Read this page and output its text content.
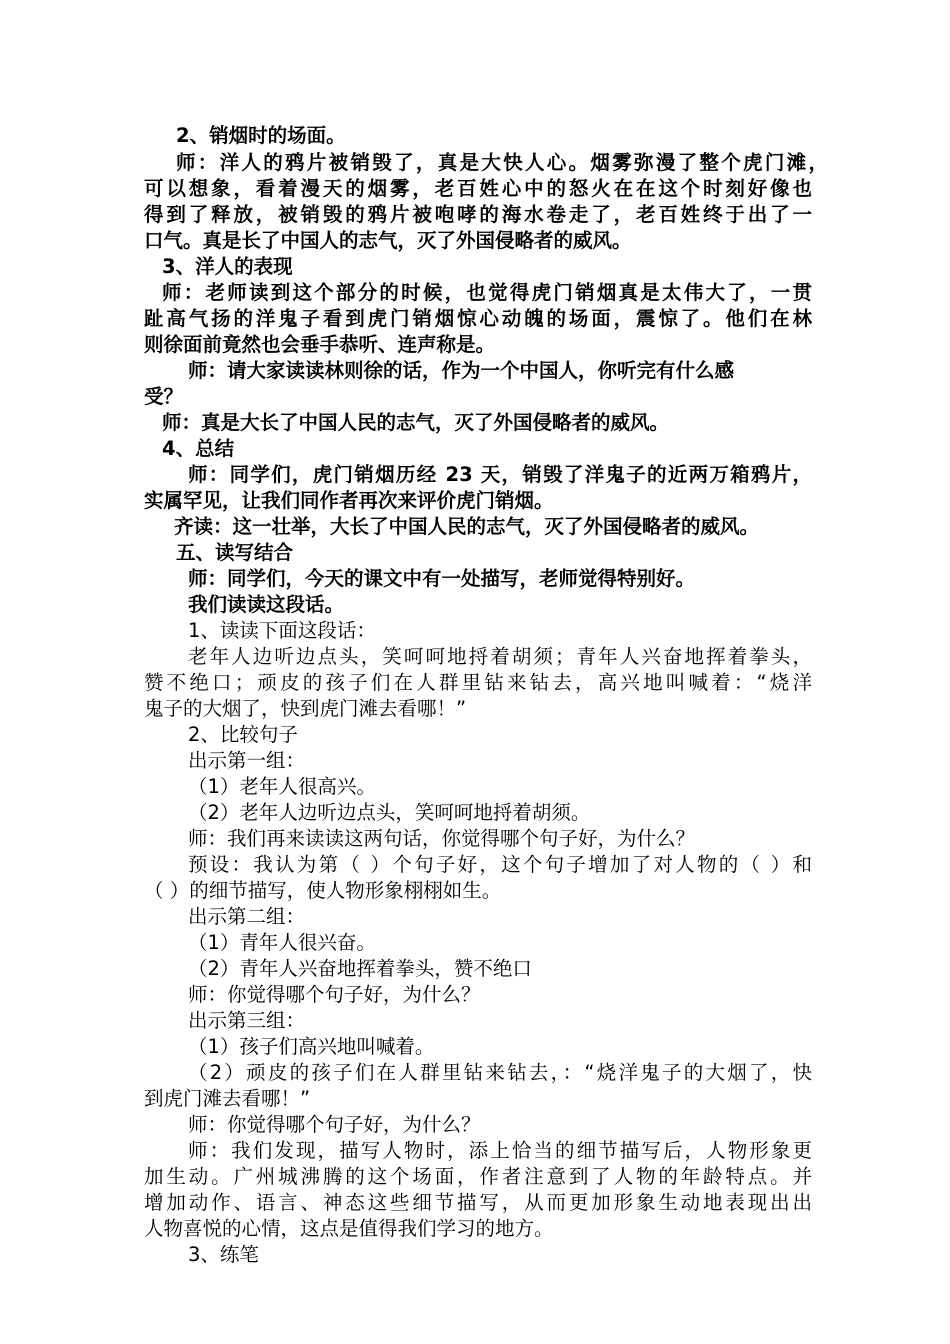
2、销烟时的场面。
师：洋人的鸦片被销毁了，真是大快人心。烟雾弥漫了整个虎门滩，
可以想象，看着漫天的烟雾，老百姓心中的怒火在在这个时刻好像也
得到了释放，被销毁的鸦片被咆哮的海水卷走了，老百姓终于出了一
口气。真是长了中国人的志气，灭了外国侵略者的威风。
3、洋人的表现
师：老师读到这个部分的时候，也觉得虎门销烟真是太伟大了，一贯
趾高气扬的洋鬼子看到虎门销烟惊心动魄的场面，震惊了。他们在林
则徐面前竟然也会垂手恭听、连声称是。
师：请大家读读林则徐的话，作为一个中国人，你听完有什么感
受？
师：真是大长了中国人民的志气，灭了外国侵略者的威风。
4、总结
师：同学们，虎门销烟历经 23 天，销毁了洋鬼子的近两万箱鸦片，
实属罕见，让我们同作者再次来评价虎门销烟。
齐读：这一壮举，大长了中国人民的志气，灭了外国侵略者的威风。
五、读写结合
师：同学们，今天的课文中有一处描写，老师觉得特别好。
我们读读这段话。
1、读读下面这段话：
老年人边听边点头，笑呵呵地捋着胡须；青年人兴奋地挥着拳头，
赞不绝口；顽皮的孩子们在人群里钻来钻去，高兴地叫喊着：“烧洋
鬼子的大烟了，快到虎门滩去看哪！”
2、比较句子
出示第一组：
（1）老年人很高兴。
（2）老年人边听边点头，笑呵呵地捋着胡须。
师：我们再来读读这两句话，你觉得哪个句子好，为什么？
预设：我认为第（ ）个句子好，这个句子增加了对人物的（ ）和
（ ）的细节描写，使人物形象栩栩如生。
出示第二组：
（1）青年人很兴奋。
（2）青年人兴奋地挥着拳头，赞不绝口
师：你觉得哪个句子好，为什么？
出示第三组：
（1）孩子们高兴地叫喊着。
（2）顽皮的孩子们在人群里钻来钻去，：“烧洋鬼子的大烟了，快
到虎门滩去看哪！”
师：你觉得哪个句子好，为什么？
师：我们发现，描写人物时，添上恰当的细节描写后，人物形象更
加生动。广州城沸腾的这个场面，作者注意到了人物的年龄特点。并
增加动作、语言、神态这些细节描写，从而更加形象生动地表现出出
人物喜悦的心情，这点是值得我们学习的地方。
3、练笔
